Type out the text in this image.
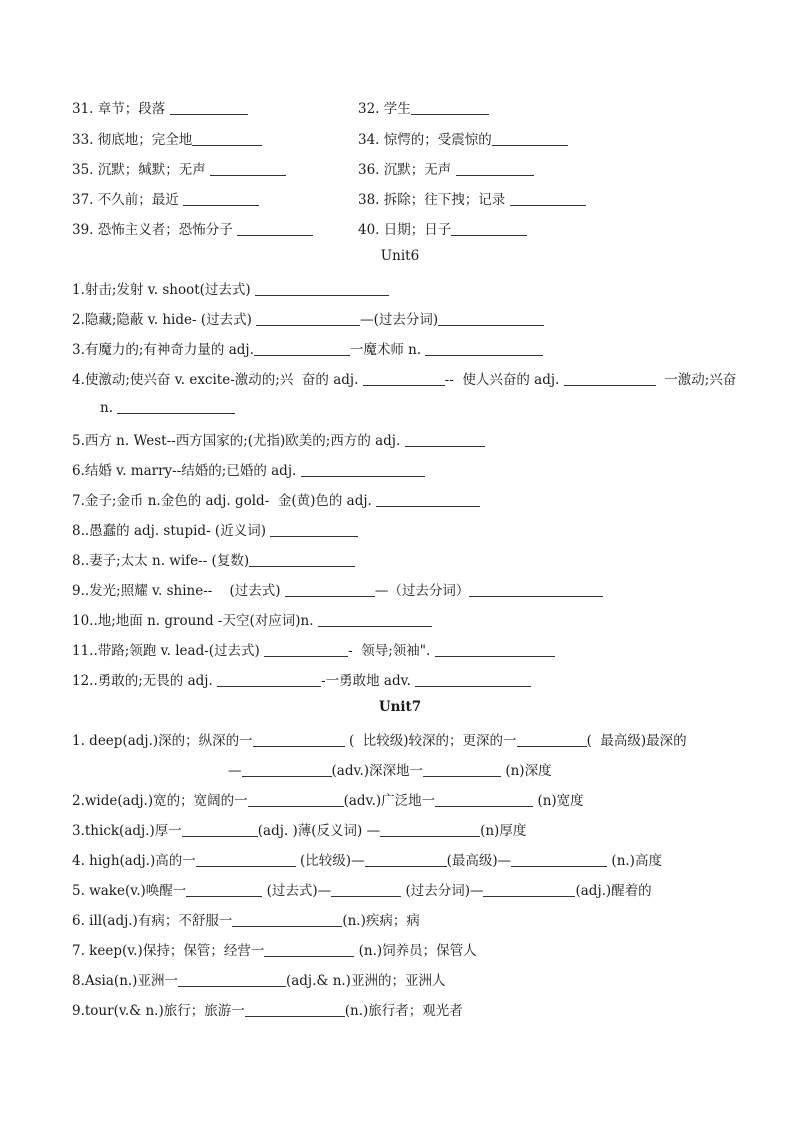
31. 章节；段落	32. 学生
33. 彻底地；完全地	34. 惊愕的；受震惊的
35. 沉默；缄默；无声	36. 沉默；无声
37. 不久前；最近	38. 拆除；往下拽；记录
39. 恐怖主义者；恐怖分子	40. 日期；日子
Unit6
1.射击;发射 v. shoot(过去式)
2.隐藏;隐蔽 v. hide- (过去式)	—(过去分词)
3.有魔力的;有神奇力量的 adj.	一魔术师 n.
4.使激动;使兴奋 v. excite-激动的;兴  奋的 adj.	--  使人兴奋的 adj.	一激动;兴奋
n.
5.西方 n. West--西方国家的;(尤指)欧美的;西方的 adj.
6.结婚 v. marry--结婚的;已婚的 adj.
7.金子;金币 n.金色的 adj. gold-  金(黄)色的 adj.
8..愚蠢的 adj. stupid- (近义词)
8..妻子;太太 n. wife-- (复数)
9..发光;照耀 v. shine--    (过去式)	—（过去分词）
10..地;地面 n. ground -天空(对应词)n.
11..带路;领跑 v. lead-(过去式)	-  领导;领袖".
12..勇敢的;无畏的 adj.	-一勇敢地 adv.
Unit7
1. deep(adj.)深的；纵深的一	(  比较级)较深的；更深的一	(  最高级)最深的
—	(adv.)深深地一	(n)深度
2.wide(adj.)宽的；宽阔的一	(adv.)广泛地一	(n)宽度
3.thick(adj.)厚一	(adj. )薄(反义词) —	(n)厚度
4. high(adj.)高的一	(比较级)—	(最高级)—	(n.)高度
5. wake(v.)唤醒一	(过去式)—	(过去分词)—	(adj.)醒着的
6. ill(adj.)有病；不舒服一	(n.)疾病；病
7. keep(v.)保持；保管；经营一	(n.)饲养员；保管人
8.Asia(n.)亚洲一	(adj.& n.)亚洲的；亚洲人
9.tour(v.& n.)旅行；旅游一	(n.)旅行者；观光者
